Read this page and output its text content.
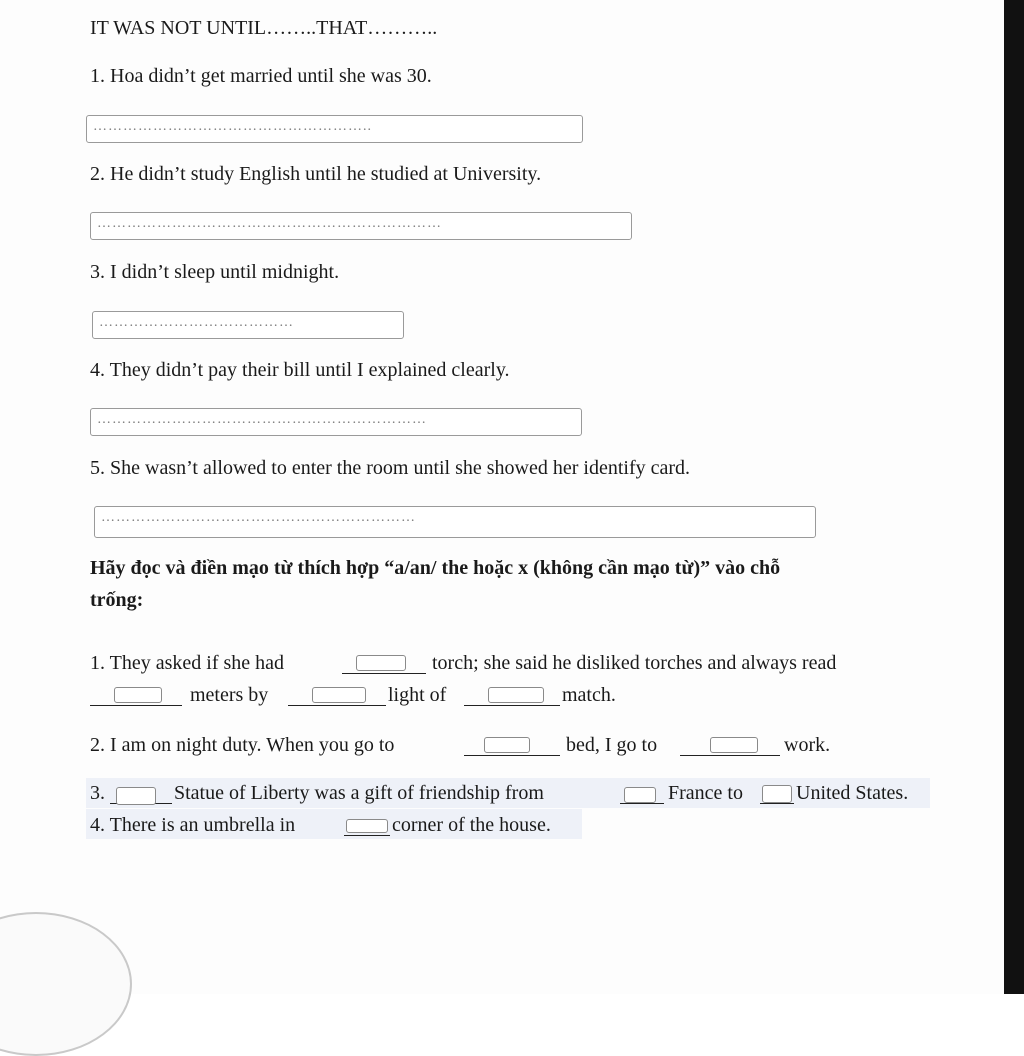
IT WAS NOT UNTIL……..THAT………..
1. Hoa didn’t get married until she was 30.
………………………………………………..
2. He didn’t study English until he studied at University.
……………………………………………………………
3. I didn’t sleep until midnight.
…………………………………
4. They didn’t pay their bill until I explained clearly.
…………………………………………………………
5. She wasn’t allowed to enter the room until she showed her identify card.
………………………………………………………
Hãy đọc và điền mạo từ thích hợp “a/an/ the hoặc x (không cần mạo từ)” vào chỗ
trống:
1. They asked if she had	torch; she said he disliked torches and always read
meters by	light of	match.
2. I am on night duty. When you go to	bed, I go to	work.
3.	Statue of Liberty was a gift of friendship from	France to	United States.
4. There is an umbrella in	corner of the house.
